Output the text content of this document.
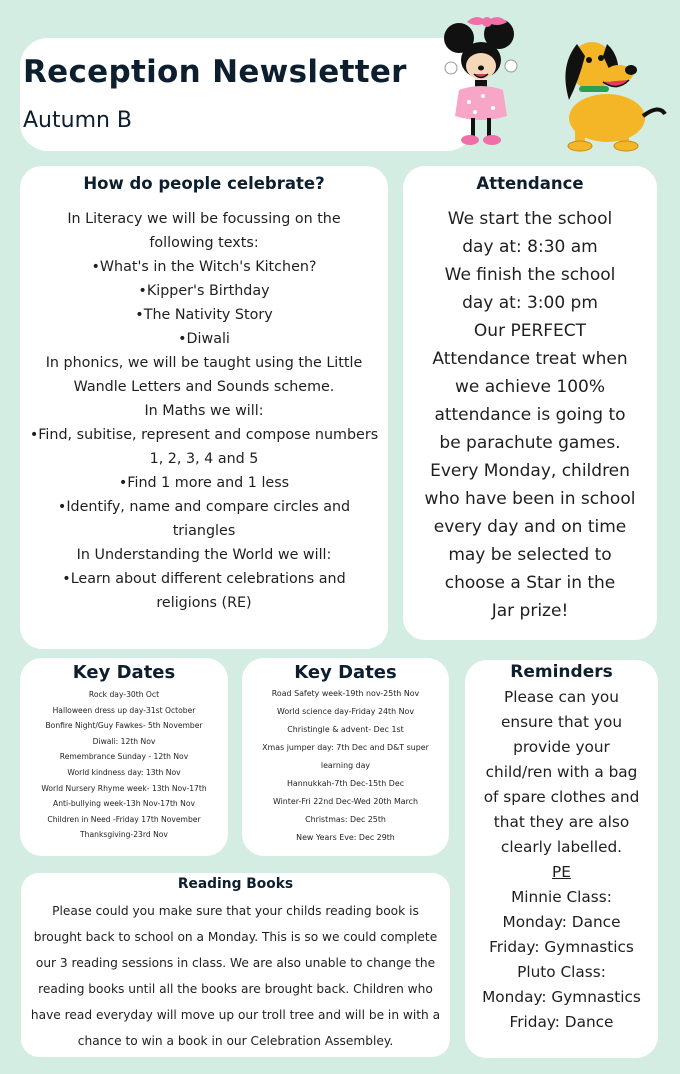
Reception Newsletter
Autumn B
How do people celebrate?
In Literacy we will be focussing on the
following texts:
•What's in the Witch's Kitchen?
•Kipper's Birthday
•The Nativity Story
•Diwali
In phonics, we will be taught using the Little
Wandle Letters and Sounds scheme.
In Maths we will:
•Find, subitise, represent and compose numbers
1, 2, 3, 4 and 5
•Find 1 more and 1 less
•Identify, name and compare circles and
triangles
In Understanding the World we will:
•Learn about different celebrations and
religions (RE)
Attendance
We start the school
day at: 8:30 am
We finish the school
day at: 3:00 pm
Our PERFECT
Attendance treat when
we achieve 100%
attendance is going to
be parachute games.
Every Monday, children
who have been in school
every day and on time
may be selected to
choose a Star in the
Jar prize!
Key Dates
Rock day-30th Oct
Halloween dress up day-31st October
Bonfire Night/Guy Fawkes- 5th November
Diwali: 12th Nov
Remembrance Sunday - 12th Nov
World kindness day: 13th Nov
World Nursery Rhyme week- 13th Nov-17th
Anti-bullying week-13h Nov-17th Nov
Children in Need -Friday 17th November
Thanksgiving-23rd Nov
Key Dates
Road Safety week-19th nov-25th Nov
World science day-Friday 24th Nov
Christingle & advent- Dec 1st
Xmas jumper day: 7th Dec and D&T super
learning day
Hannukkah-7th Dec-15th Dec
Winter-Fri 22nd Dec-Wed 20th March
Christmas: Dec 25th
New Years Eve: Dec 29th
Reminders
Please can you
ensure that you
provide your
child/ren with a bag
of spare clothes and
that they are also
clearly labelled.
PE
Minnie Class:
Monday: Dance
Friday: Gymnastics
Pluto Class:
Monday: Gymnastics
Friday: Dance
Reading Books
Please could you make sure that your childs reading book is
brought back to school on a Monday. This is so we could complete
our 3 reading sessions in class. We are also unable to change the
reading books until all the books are brought back. Children who
have read everyday will move up our troll tree and will be in with a
chance to win a book in our Celebration Assembley.
